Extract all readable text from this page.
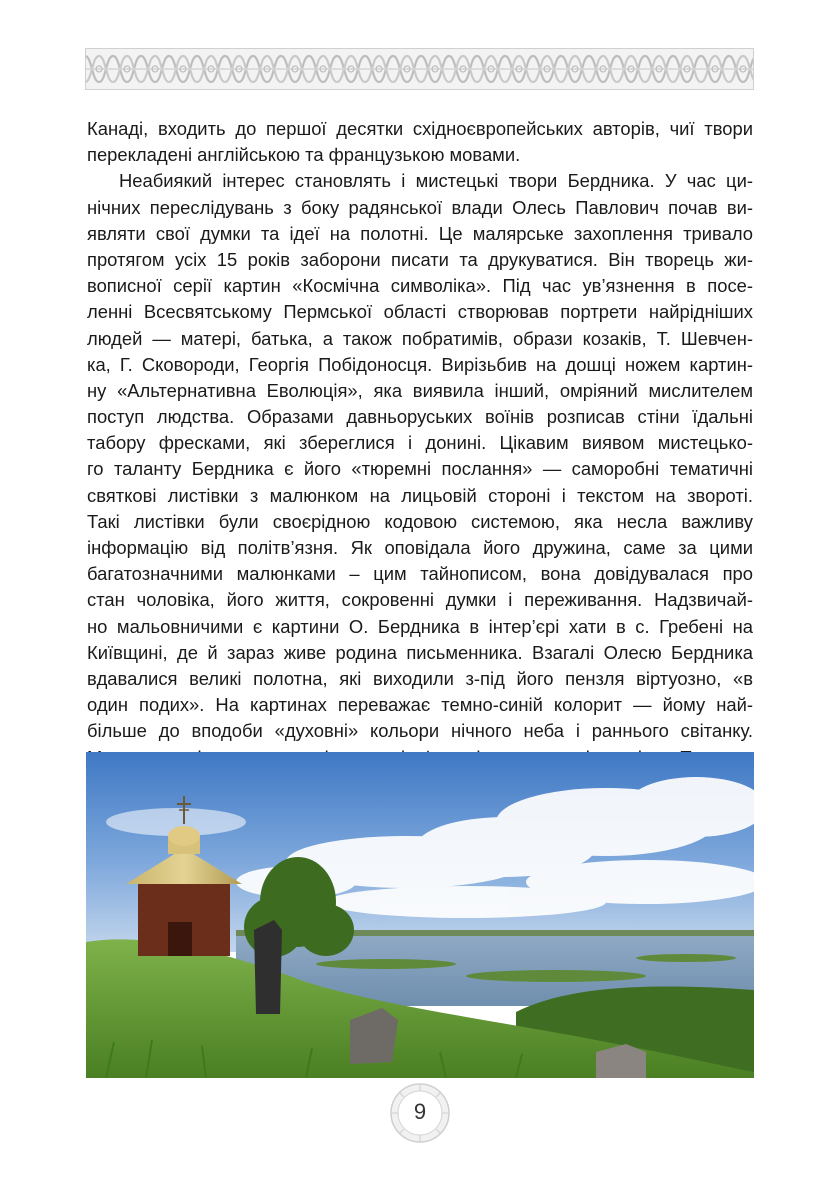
Канаді, входить до першої десятки східноєвропейських авторів, чиї твори
перекладені англійською та французькою мовами.
Неабиякий інтерес становлять і мистецькі твори Бердника. У час ци-
нічних переслідувань з боку радянської влади Олесь Павлович почав ви-
являти свої думки та ідеї на полотні. Це малярське захоплення тривало
протягом усіх 15 років заборони писати та друкуватися. Він творець жи-
вописної серії картин «Космічна символіка». Під час ув’язнення в посе-
ленні Всесвятському Пермської області створював портрети найрідніших
людей — матері, батька, а також побратимів, образи козаків, Т. Шевчен-
ка, Г. Сковороди, Георгія Побідоносця. Вирізьбив на дошці ножем картин-
ну «Альтернативна Еволюція», яка виявила інший, омріяний мислителем
поступ людства. Образами давньоруських воїнів розписав стіни їдальні
табору фресками, які збереглися і донині. Цікавим виявом мистецько-
го таланту Бердника є його «тюремні послання» — саморобні тематичні
святкові листівки з малюнком на лицьовій стороні і текстом на звороті.
Такі листівки були своєрідною кодовою системою, яка несла важливу
інформацію від політв’язня. Як оповідала його дружина, саме за цими
багатозначними малюнками – цим тайнописом, вона довідувалася про
стан чоловіка, його життя, сокровенні думки і переживання. Надзвичай-
но мальовничими є картини О. Бердника в інтер’єрі хати в с. Гребені на
Київщині, де й зараз живе родина письменника. Взагалі Олесю Бердника
вдавалися великі полотна, які виходили з-під його пензля віртуозно, «в
один подих». На картинах переважає темно-синій колорит — йому най-
більше до вподоби «духовні» кольори нічного неба і раннього світанку.
9
